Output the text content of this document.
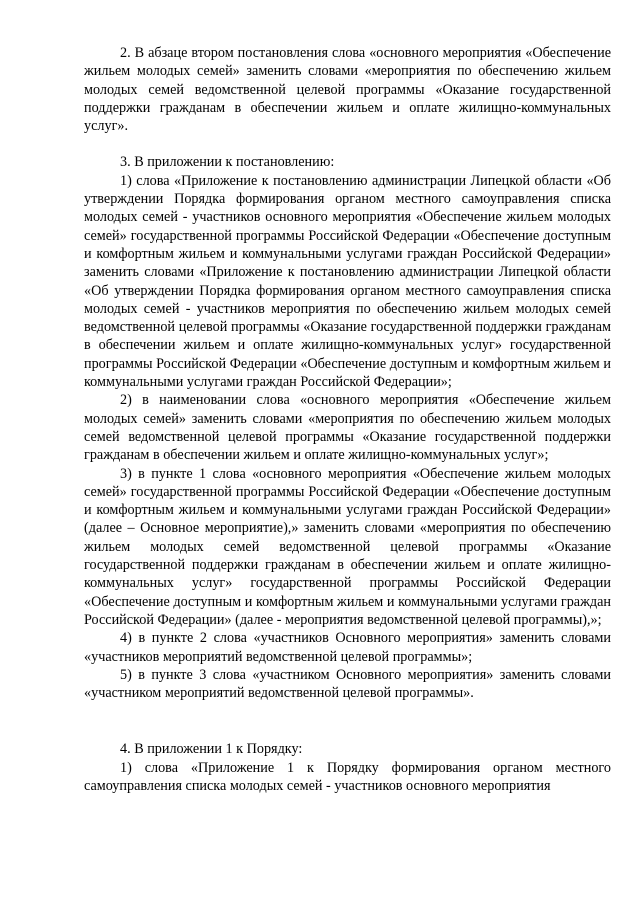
2. В абзаце втором постановления слова «основного мероприятия «Обеспечение жильем молодых семей» заменить словами «мероприятия по обеспечению жильем молодых семей ведомственной целевой программы «Оказание государственной поддержки гражданам в обеспечении жильем и оплате жилищно-коммунальных услуг».

3. В приложении к постановлению:

1) слова «Приложение к постановлению администрации Липецкой области «Об утверждении Порядка формирования органом местного самоуправления списка молодых семей - участников основного мероприятия «Обеспечение жильем молодых семей» государственной программы Российской Федерации «Обеспечение доступным и комфортным жильем и коммунальными услугами граждан Российской Федерации» заменить словами «Приложение к постановлению администрации Липецкой области «Об утверждении Порядка формирования органом местного самоуправления списка молодых семей - участников мероприятия по обеспечению жильем молодых семей ведомственной целевой программы «Оказание государственной поддержки гражданам в обеспечении жильем и оплате жилищно-коммунальных услуг» государственной программы Российской Федерации «Обеспечение доступным и комфортным жильем и коммунальными услугами граждан Российской Федерации»;

2) в наименовании слова «основного мероприятия «Обеспечение жильем молодых семей» заменить словами «мероприятия по обеспечению жильем молодых семей ведомственной целевой программы «Оказание государственной поддержки гражданам в обеспечении жильем и оплате жилищно-коммунальных услуг»;

3) в пункте 1 слова «основного мероприятия «Обеспечение жильем молодых семей» государственной программы Российской Федерации «Обеспечение доступным и комфортным жильем и коммунальными услугами граждан Российской Федерации» (далее – Основное мероприятие),» заменить словами «мероприятия по обеспечению жильем молодых семей ведомственной целевой программы «Оказание государственной поддержки гражданам в обеспечении жильем и оплате жилищно-коммунальных услуг» государственной программы Российской Федерации «Обеспечение доступным и комфортным жильем и коммунальными услугами граждан Российской Федерации» (далее - мероприятия ведомственной целевой программы),»;

4) в пункте 2 слова «участников Основного мероприятия» заменить словами «участников мероприятий ведомственной целевой программы»;

5) в пункте 3 слова «участником Основного мероприятия» заменить словами «участником мероприятий ведомственной целевой программы».

4. В приложении 1 к Порядку:

1) слова «Приложение 1 к Порядку формирования органом местного самоуправления списка молодых семей - участников основного мероприятия
